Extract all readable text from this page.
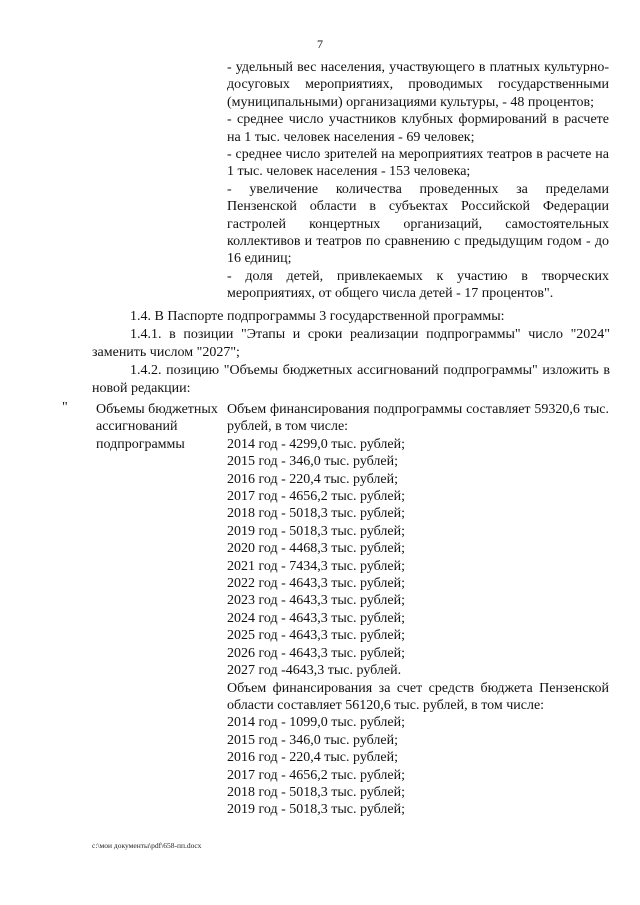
7

- удельный вес населения, участвующего в платных культурно-досуговых мероприятиях, проводимых государственными (муниципальными) организациями культуры, - 48 процентов;

- среднее число участников клубных формирований в расчете на 1 тыс. человек населения - 69 человек;

- среднее число зрителей на мероприятиях театров в расчете на 1 тыс. человек населения - 153 человека;

- увеличение количества проведенных за пределами Пензенской области в субъектах Российской Федерации гастролей концертных организаций, самостоятельных коллективов и театров по сравнению с предыдущим годом - до 16 единиц;

- доля детей, привлекаемых к участию в творческих мероприятиях, от общего числа детей - 17 процентов".

1.4. В Паспорте подпрограммы 3 государственной программы:
1.4.1. в позиции "Этапы и сроки реализации подпрограммы" число "2024" заменить числом "2027";
1.4.2. позицию "Объемы бюджетных ассигнований подпрограммы" изложить в новой редакции:
" Объемы бюджетных ассигнований подпрограммы

Объем финансирования подпрограммы составляет 59320,6 тыс. рублей, в том числе:

2014 год - 4299,0 тыс. рублей;

2015 год - 346,0 тыс. рублей;

2016 год - 220,4 тыс. рублей;

2017 год - 4656,2 тыс. рублей;

2018 год - 5018,3 тыс. рублей;

2019 год - 5018,3 тыс. рублей;

2020 год - 4468,3 тыс. рублей;

2021 год - 7434,3 тыс. рублей;

2022 год - 4643,3 тыс. рублей;

2023 год - 4643,3 тыс. рублей;

2024 год - 4643,3 тыс. рублей;

2025 год - 4643,3 тыс. рублей;

2026 год - 4643,3 тыс. рублей;

2027 год -4643,3 тыс. рублей.

Объем финансирования за счет средств бюджета Пензенской области составляет 56120,6 тыс. рублей, в том числе:

2014 год - 1099,0 тыс. рублей;

2015 год - 346,0 тыс. рублей;

2016 год - 220,4 тыс. рублей;

2017 год - 4656,2 тыс. рублей;

2018 год - 5018,3 тыс. рублей;

2019 год - 5018,3 тыс. рублей;

c:\мои документы\pdf\658-пп.docx
